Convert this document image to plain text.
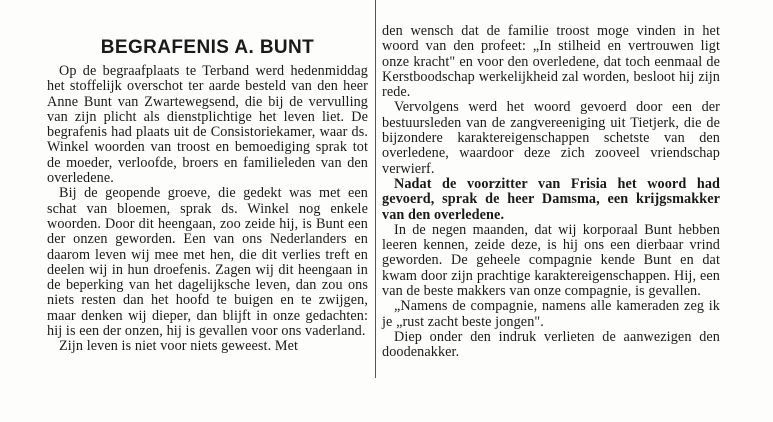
BEGRAFENIS A. BUNT

Op de begraafplaats te Terband werd hedenmiddag het stoffelijk overschot ter aarde besteld van den heer Anne Bunt van Zwartewegsend, die bij de vervulling van zijn plicht als dienstplichtige het leven liet. De begrafenis had plaats uit de Consistoriekamer, waar ds. Winkel woorden van troost en bemoediging sprak tot de moeder, verloofde, broers en familieleden van den overledene.

Bij de geopende groeve, die gedekt was met een schat van bloemen, sprak ds. Winkel nog enkele woorden. Door dit heengaan, zoo zeide hij, is Bunt een der onzen geworden. Een van ons Nederlanders en daarom leven wij mee met hen, die dit verlies treft en deelen wij in hun droefenis. Zagen wij dit heengaan in de beperking van het dagelijksche leven, dan zou ons niets resten dan het hoofd te buigen en te zwijgen, maar denken wij dieper, dan blijft in onze gedachten: hij is een der onzen, hij is gevallen voor ons vaderland.

Zijn leven is niet voor niets geweest. Met

den wensch dat de familie troost moge vinden in het woord van den profeet: „In stilheid en vertrouwen ligt onze kracht" en voor den overledene, dat toch eenmaal de Kerstboodschap werkelijkheid zal worden, besloot hij zijn rede.

Vervolgens werd het woord gevoerd door een der bestuursleden van de zangvereeniging uit Tietjerk, die de bijzondere karaktereigenschappen schetste van den overledene, waardoor deze zich zooveel vriendschap verwierf.

Nadat de voorzitter van Frisia het woord had gevoerd, sprak de heer Damsma, een krijgsmakker van den overledene.

In de negen maanden, dat wij korporaal Bunt hebben leeren kennen, zeide deze, is hij ons een dierbaar vrind geworden. De geheele compagnie kende Bunt en dat kwam door zijn prachtige karaktereigenschappen. Hij, een van de beste makkers van onze compagnie, is gevallen.

„Namens de compagnie, namens alle kameraden zeg ik je „rust zacht beste jongen".

Diep onder den indruk verlieten de aanwezigen den doodenakker.
